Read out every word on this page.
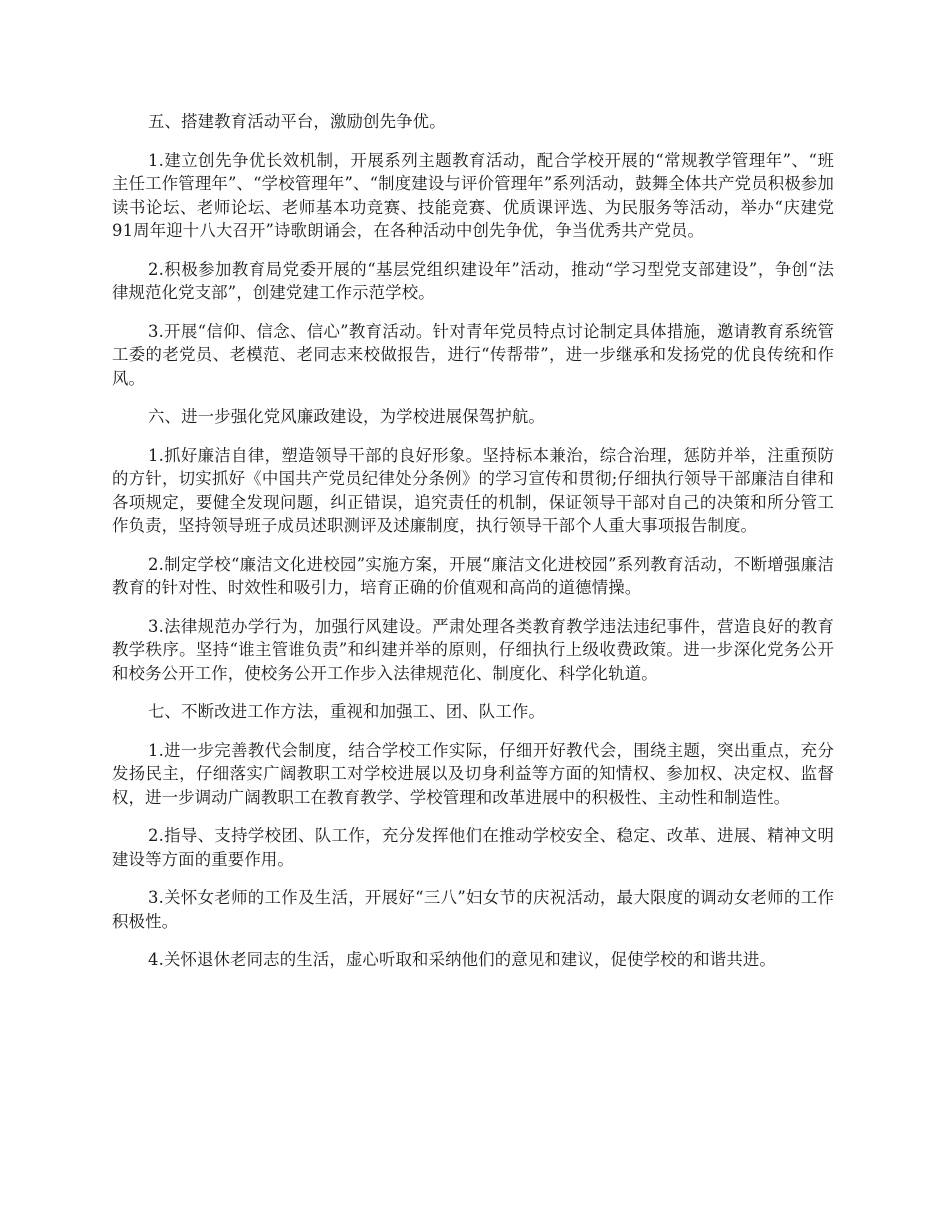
五、搭建教育活动平台，激励创先争优。

1.建立创先争优长效机制，开展系列主题教育活动，配合学校开展的“常规教学管理年”、“班主任工作管理年”、“学校管理年”、“制度建设与评价管理年”系列活动，鼓舞全体共产党员积极参加读书论坛、老师论坛、老师基本功竞赛、技能竞赛、优质课评选、为民服务等活动，举办“庆建党91周年迎十八大召开”诗歌朗诵会，在各种活动中创先争优，争当优秀共产党员。

2.积极参加教育局党委开展的“基层党组织建设年”活动，推动“学习型党支部建设”，争创“法律规范化党支部”，创建党建工作示范学校。

3.开展“信仰、信念、信心”教育活动。针对青年党员特点讨论制定具体措施，邀请教育系统管工委的老党员、老模范、老同志来校做报告，进行“传帮带”，进一步继承和发扬党的优良传统和作风。

六、进一步强化党风廉政建设，为学校进展保驾护航。

1.抓好廉洁自律，塑造领导干部的良好形象。坚持标本兼治，综合治理，惩防并举，注重预防的方针，切实抓好《中国共产党员纪律处分条例》的学习宣传和贯彻;仔细执行领导干部廉洁自律和各项规定，要健全发现问题，纠正错误，追究责任的机制，保证领导干部对自己的决策和所分管工作负责，坚持领导班子成员述职测评及述廉制度，执行领导干部个人重大事项报告制度。

2.制定学校“廉洁文化进校园”实施方案，开展“廉洁文化进校园”系列教育活动，不断增强廉洁教育的针对性、时效性和吸引力，培育正确的价值观和高尚的道德情操。

3.法律规范办学行为，加强行风建设。严肃处理各类教育教学违法违纪事件，营造良好的教育教学秩序。坚持“谁主管谁负责”和纠建并举的原则，仔细执行上级收费政策。进一步深化党务公开和校务公开工作，使校务公开工作步入法律规范化、制度化、科学化轨道。

七、不断改进工作方法，重视和加强工、团、队工作。

1.进一步完善教代会制度，结合学校工作实际，仔细开好教代会，围绕主题，突出重点，充分发扬民主，仔细落实广阔教职工对学校进展以及切身利益等方面的知情权、参加权、决定权、监督权，进一步调动广阔教职工在教育教学、学校管理和改革进展中的积极性、主动性和制造性。

2.指导、支持学校团、队工作，充分发挥他们在推动学校安全、稳定、改革、进展、精神文明建设等方面的重要作用。

3.关怀女老师的工作及生活，开展好“三八”妇女节的庆祝活动，最大限度的调动女老师的工作积极性。

4.关怀退休老同志的生活，虚心听取和采纳他们的意见和建议，促使学校的和谐共进。
